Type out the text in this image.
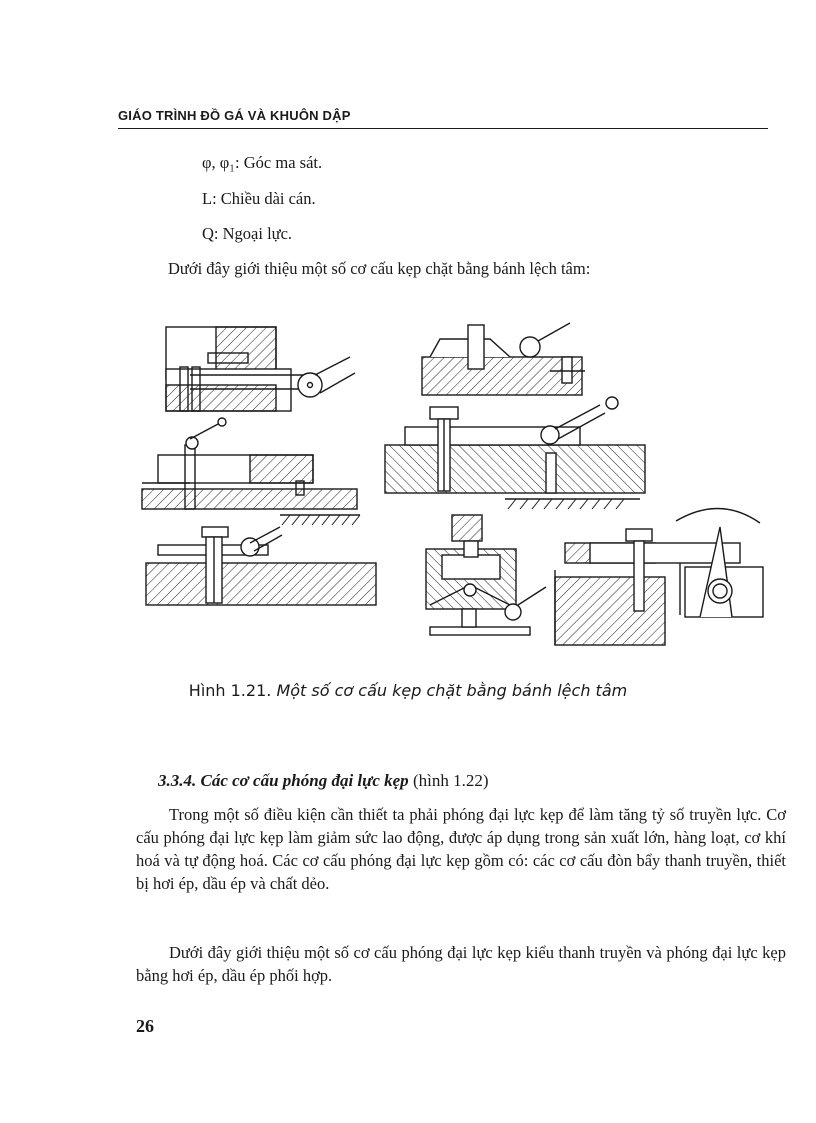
GIÁO TRÌNH ĐỒ GÁ VÀ KHUÔN DẬP
φ, φ₁: Góc ma sát.
L: Chiều dài cán.
Q: Ngoại lực.
Dưới đây giới thiệu một số cơ cấu kẹp chặt bằng bánh lệch tâm:
Hình 1.21. Một số cơ cấu kẹp chặt bằng bánh lệch tâm
3.3.4. Các cơ cấu phóng đại lực kẹp (hình 1.22)
Trong một số điều kiện cần thiết ta phải phóng đại lực kẹp để làm tăng tỷ số truyền lực. Cơ cấu phóng đại lực kẹp làm giảm sức lao động, được áp dụng trong sản xuất lớn, hàng loạt, cơ khí hoá và tự động hoá. Các cơ cấu phóng đại lực kẹp gồm có: các cơ cấu đòn bẩy thanh truyền, thiết bị hơi ép, dầu ép và chất dẻo.
Dưới đây giới thiệu một số cơ cấu phóng đại lực kẹp kiểu thanh truyền và phóng đại lực kẹp bằng hơi ép, dầu ép phối hợp.
26
